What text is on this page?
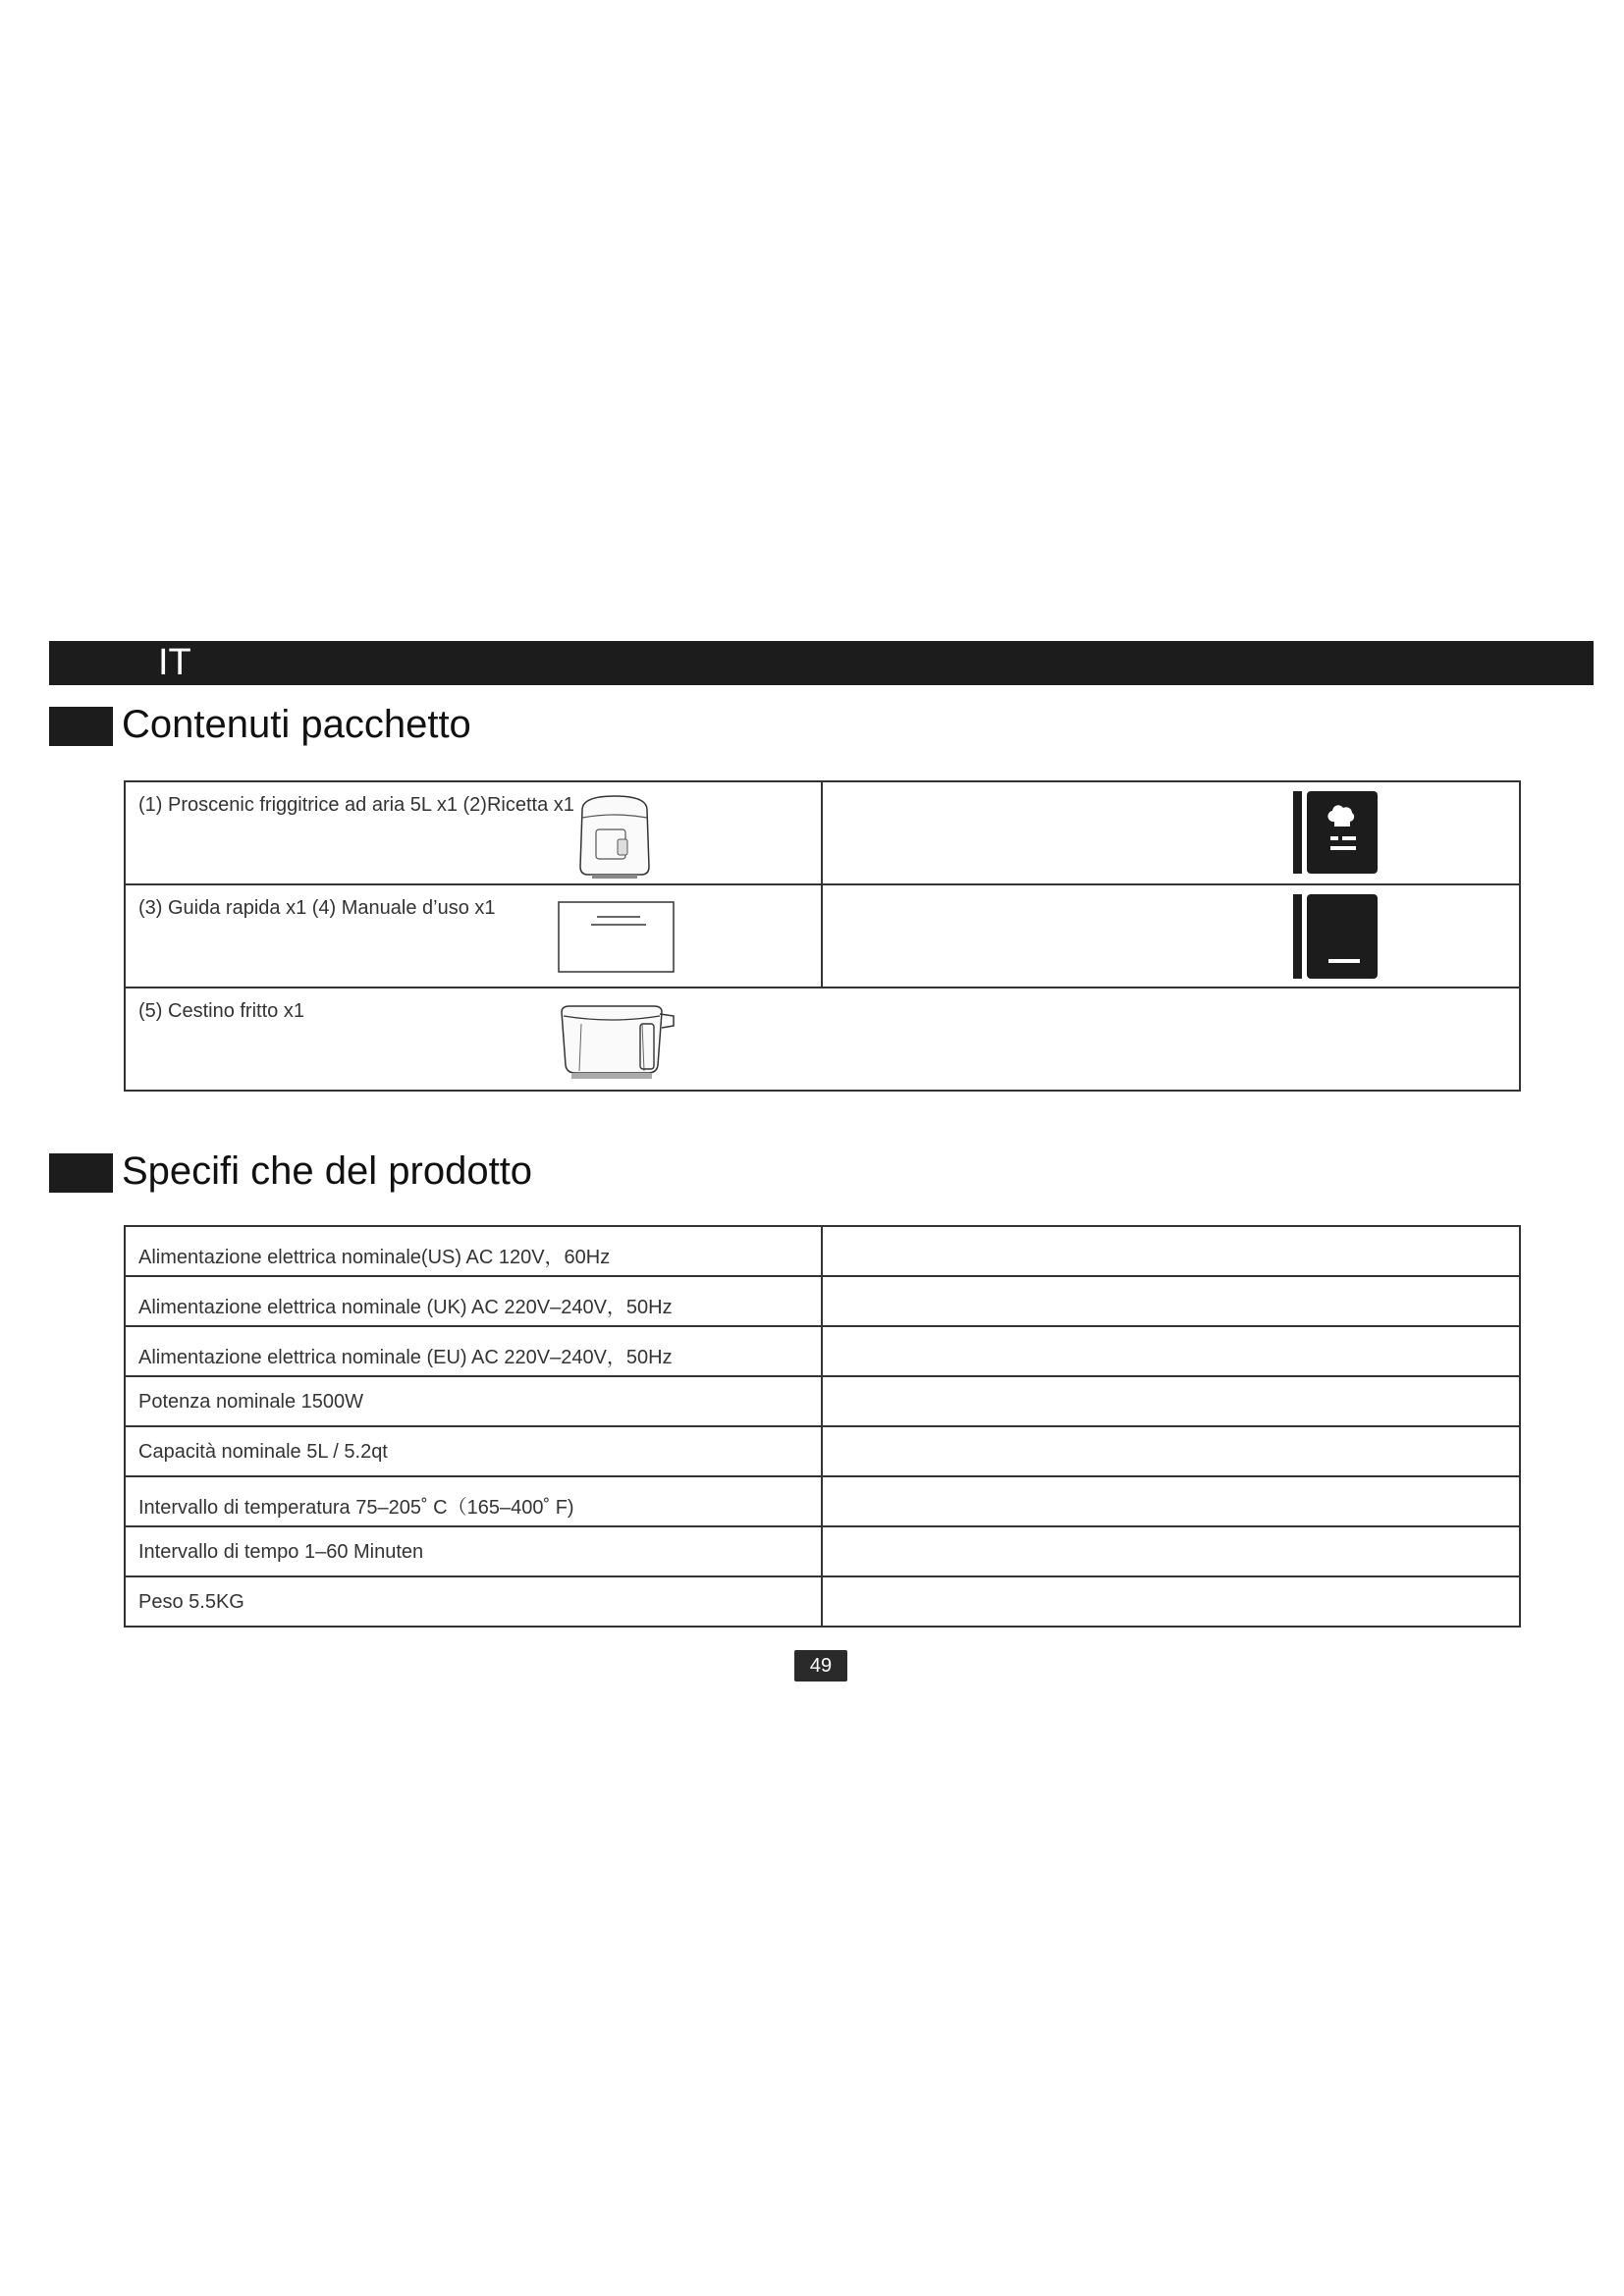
IT
Contenuti pacchetto
(1) Proscenic friggitrice ad aria 5L x1 (2)Ricetta x1

(3) Guida rapida x1 (4) Manuale d’uso x1

(5) Cestino fritto x1	
Specifi che del prodotto
Alimentazione elettrica nominale(US) AC 120V，60Hz	

Alimentazione elettrica nominale (UK) AC 220V–240V，50Hz	

Alimentazione elettrica nominale (EU) AC 220V–240V，50Hz	

Potenza nominale 1500W	

Capacità nominale 5L / 5.2qt	

Intervallo di temperatura 75–205˚ C（165–400˚ F)	

Intervallo di tempo 1–60 Minuten	

Peso 5.5KG	

49
